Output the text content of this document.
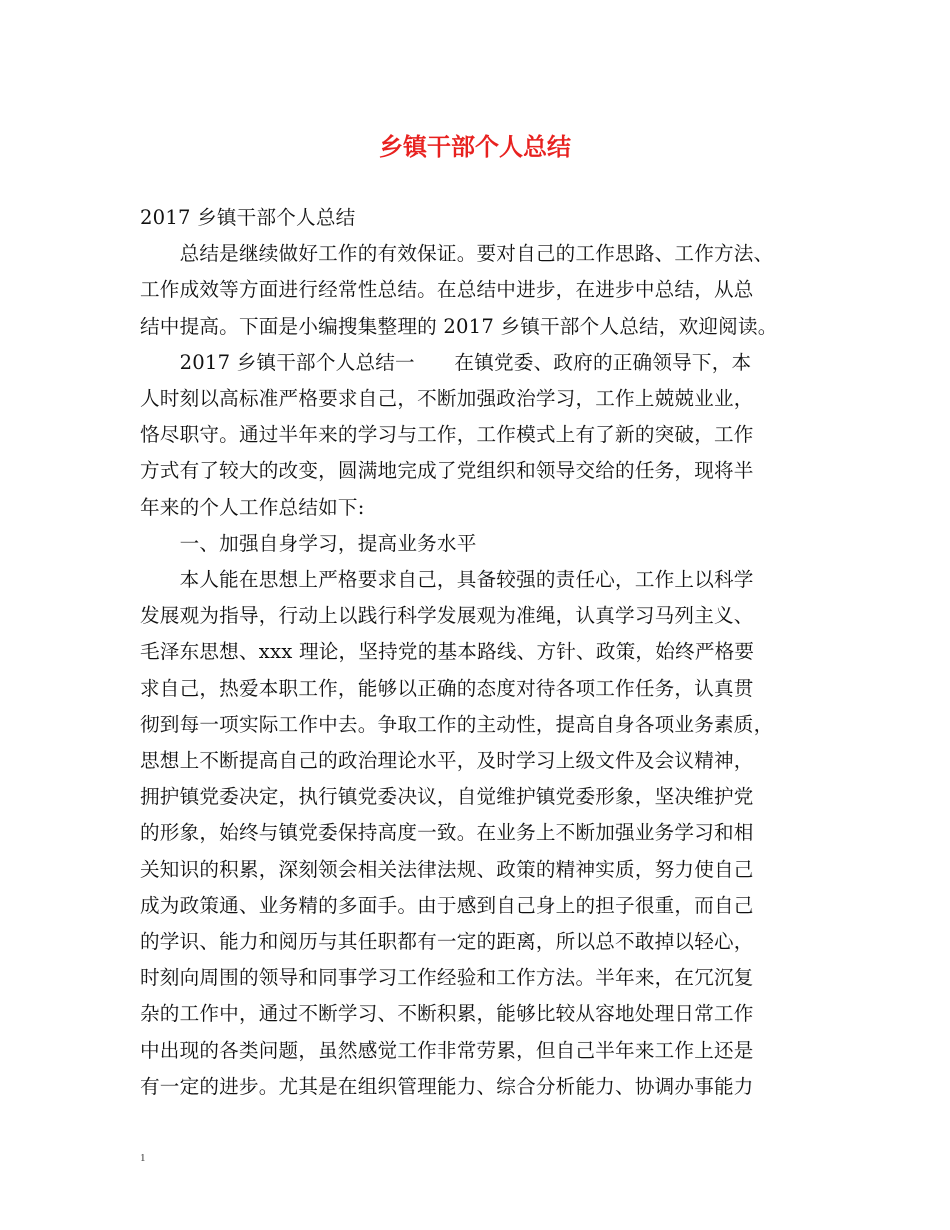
乡镇干部个人总结

2017 乡镇干部个人总结

　　总结是继续做好工作的有效保证。要对自己的工作思路、工作方法、

工作成效等方面进行经常性总结。在总结中进步，在进步中总结，从总

结中提高。下面是小编搜集整理的 2017 乡镇干部个人总结，欢迎阅读。

　　2017 乡镇干部个人总结一　　在镇党委、政府的正确领导下，本

人时刻以高标准严格要求自己，不断加强政治学习，工作上兢兢业业，

恪尽职守。通过半年来的学习与工作，工作模式上有了新的突破，工作

方式有了较大的改变，圆满地完成了党组织和领导交给的任务，现将半

年来的个人工作总结如下:

　　一、加强自身学习，提高业务水平

　　本人能在思想上严格要求自己，具备较强的责任心，工作上以科学

发展观为指导，行动上以践行科学发展观为准绳，认真学习马列主义、

毛泽东思想、xxx 理论，坚持党的基本路线、方针、政策，始终严格要

求自己，热爱本职工作，能够以正确的态度对待各项工作任务，认真贯

彻到每一项实际工作中去。争取工作的主动性，提高自身各项业务素质，

思想上不断提高自己的政治理论水平，及时学习上级文件及会议精神，

拥护镇党委决定，执行镇党委决议，自觉维护镇党委形象，坚决维护党

的形象，始终与镇党委保持高度一致。在业务上不断加强业务学习和相

关知识的积累，深刻领会相关法律法规、政策的精神实质，努力使自己

成为政策通、业务精的多面手。由于感到自己身上的担子很重，而自己

的学识、能力和阅历与其任职都有一定的距离，所以总不敢掉以轻心，

时刻向周围的领导和同事学习工作经验和工作方法。半年来，在冗沉复

杂的工作中，通过不断学习、不断积累，能够比较从容地处理日常工作

中出现的各类问题，虽然感觉工作非常劳累，但自己半年来工作上还是

有一定的进步。尤其是在组织管理能力、综合分析能力、协调办事能力

1
